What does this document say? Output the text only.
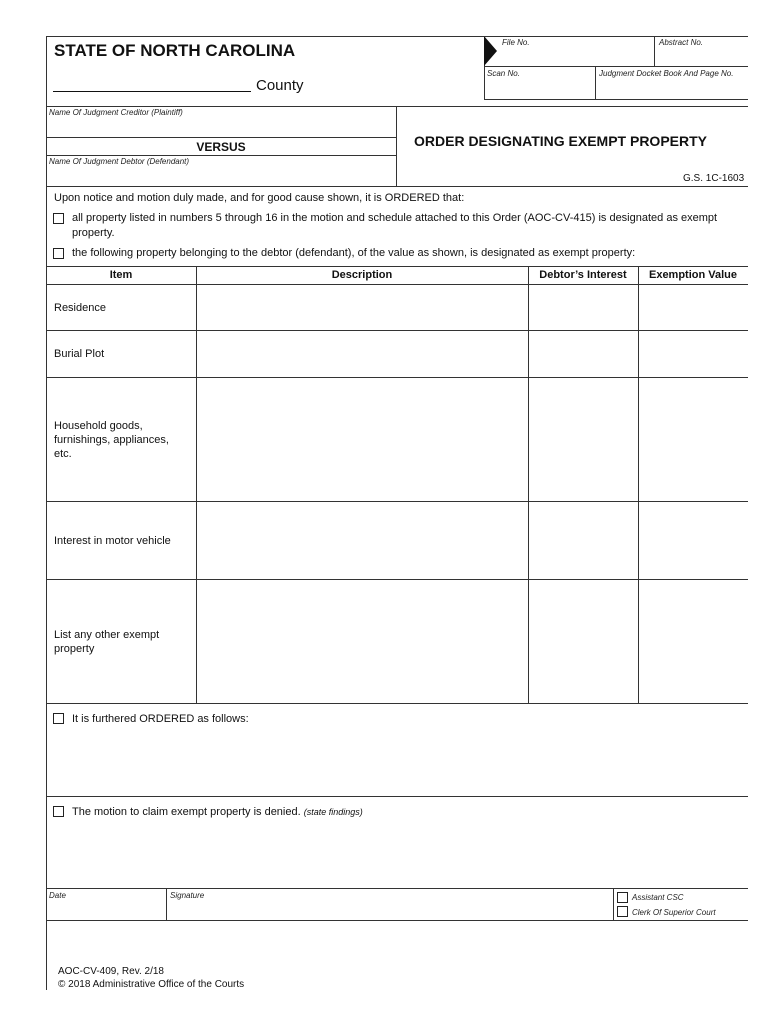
STATE OF NORTH CAROLINA
County
File No.	Abstract No.
Scan No.	Judgment Docket Book And Page No.
Name Of Judgment Creditor (Plaintiff)
VERSUS
Name Of Judgment Debtor (Defendant)
ORDER DESIGNATING EXEMPT PROPERTY
G.S. 1C-1603
Upon notice and motion duly made, and for good cause shown, it is ORDERED that:
all property listed in numbers 5 through 16 in the motion and schedule attached to this Order (AOC-CV-415) is designated as exempt
property.
the following property belonging to the debtor (defendant), of the value as shown, is designated as exempt property:
Item	Description	Debtor’s Interest	Exemption Value
Residence
Burial Plot
Household goods, furnishings, appliances, etc.
Interest in motor vehicle
List any other exempt property
It is furthered ORDERED as follows:
The motion to claim exempt property is denied. (state findings)
Date	Signature	Assistant CSC
Clerk Of Superior Court
AOC-CV-409, Rev. 2/18
© 2018 Administrative Office of the Courts
